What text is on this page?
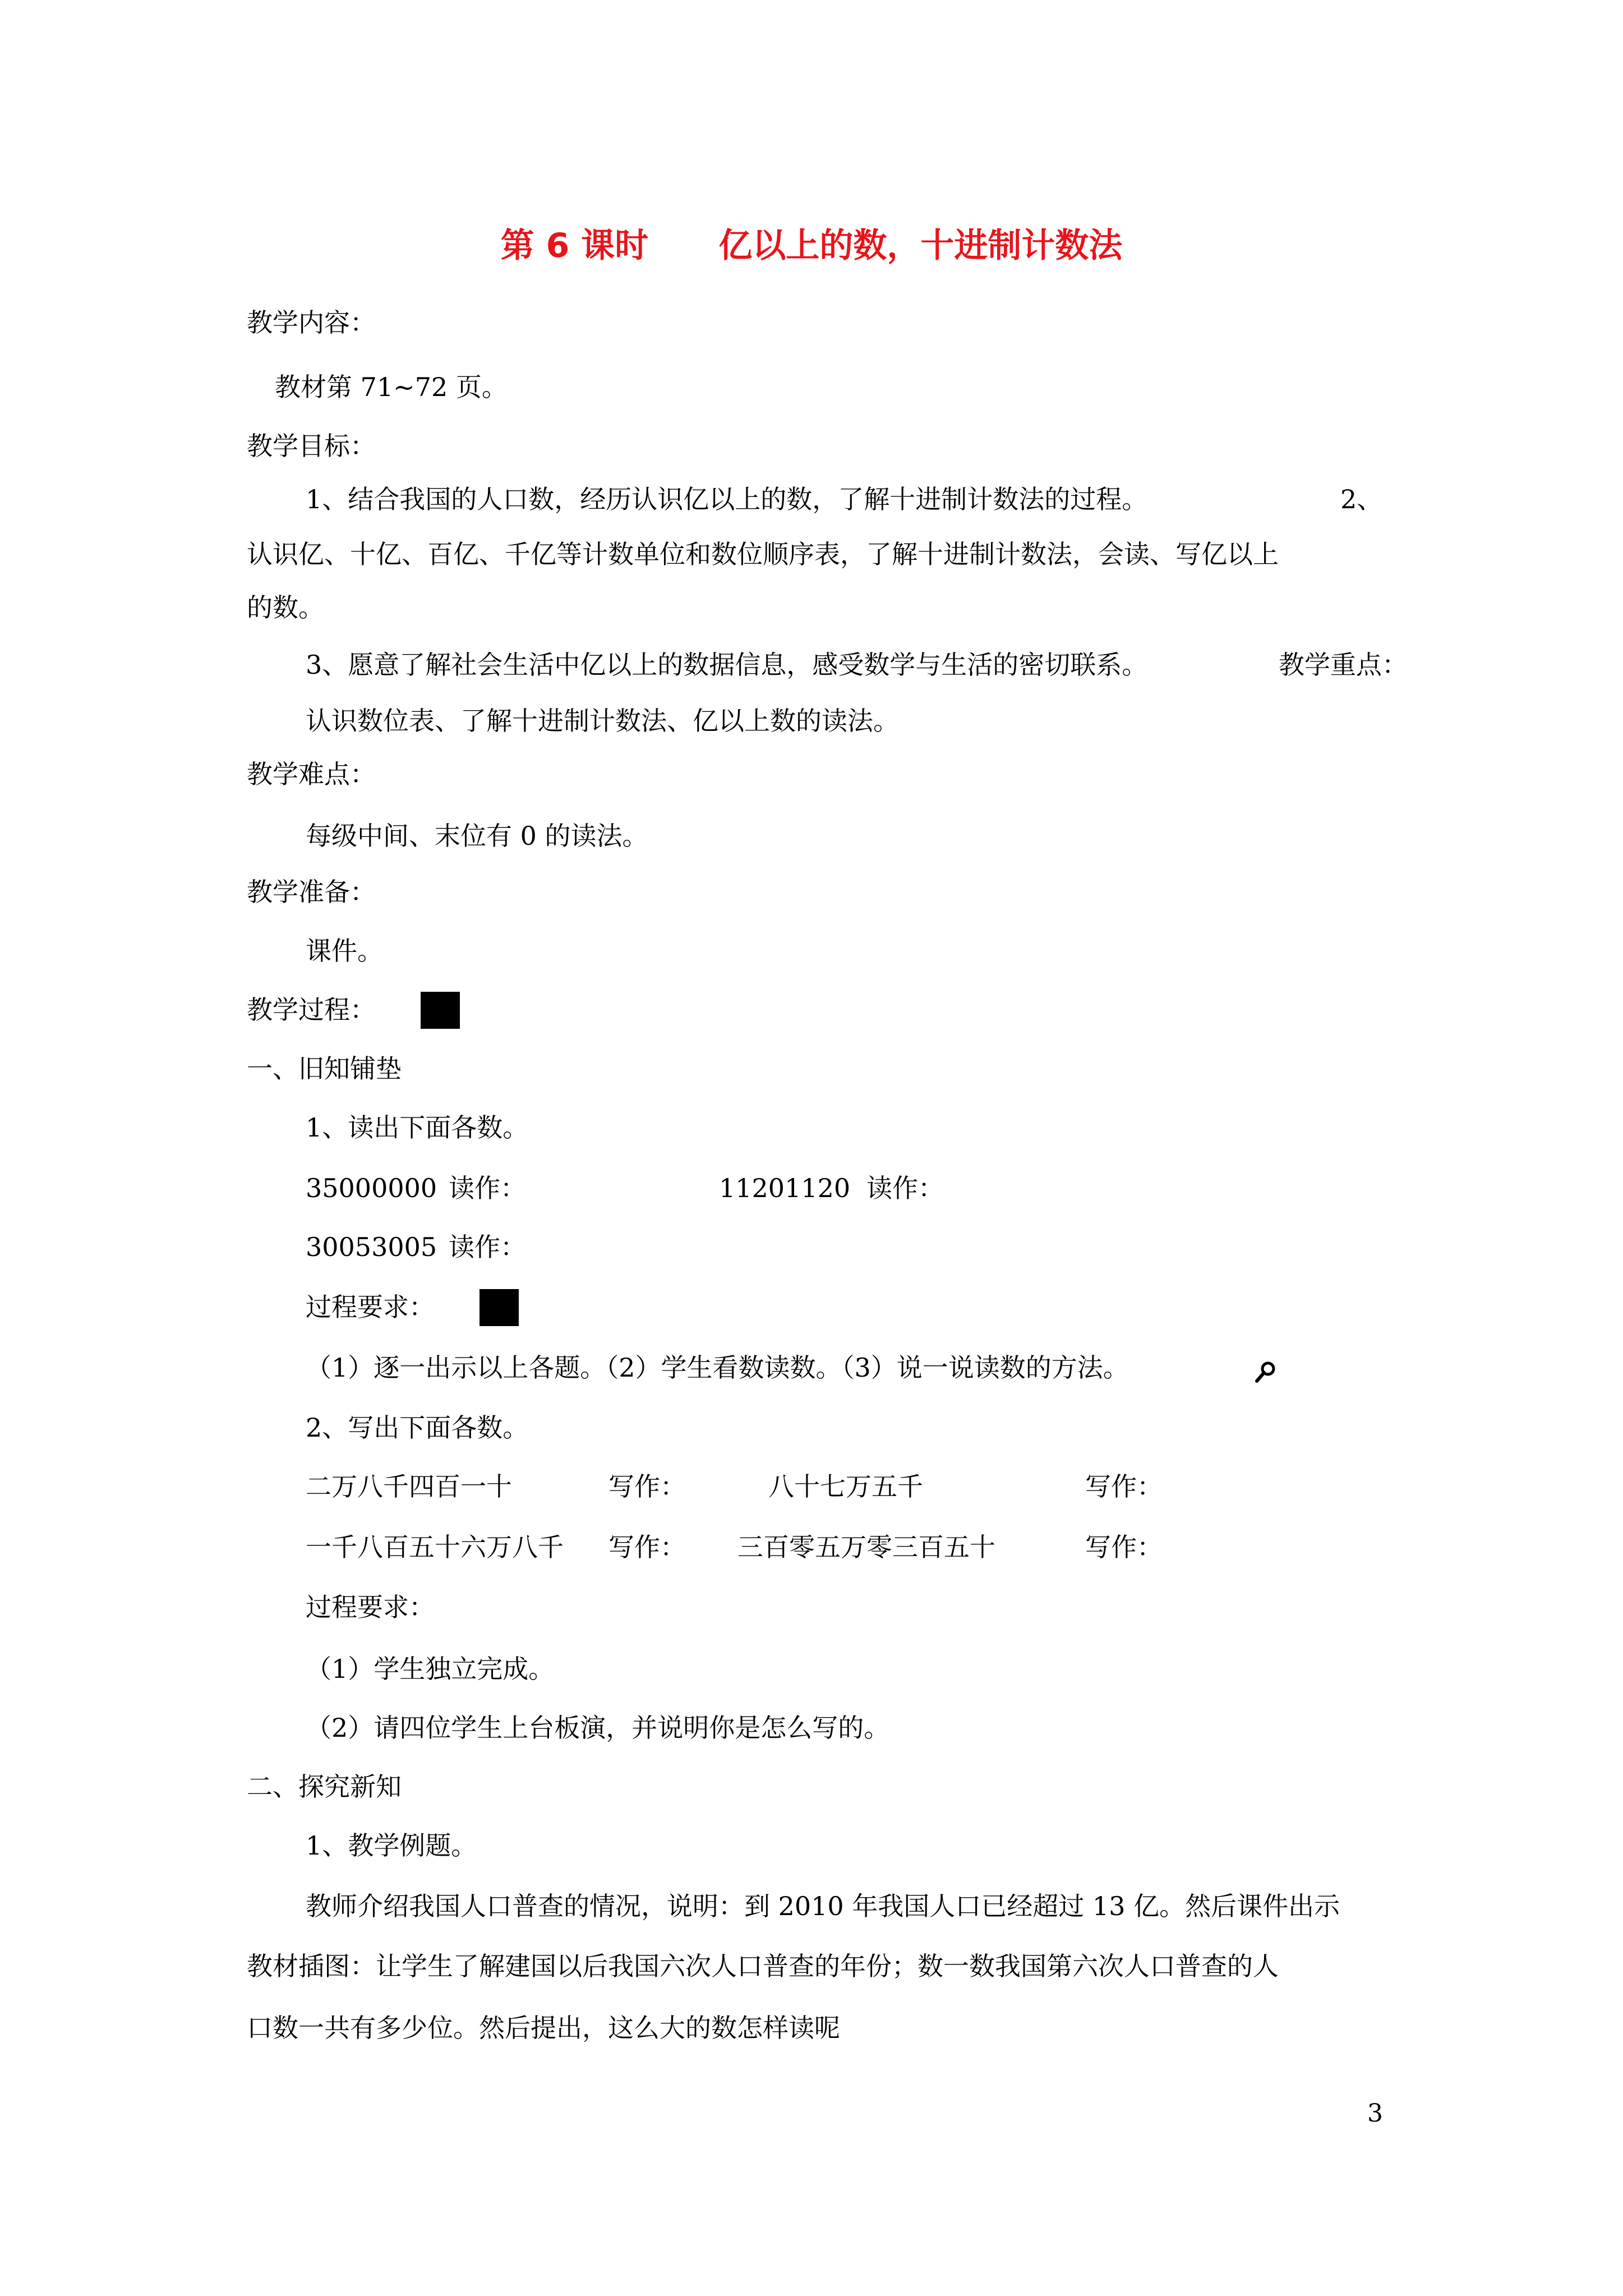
第 6 课时      亿以上的数，十进制计数法
教学内容：
教材第 71~72 页。
教学目标：
1、结合我国的人口数，经历认识亿以上的数，了解十进制计数法的过程。	2、
认识亿、十亿、百亿、千亿等计数单位和数位顺序表，了解十进制计数法，会读、写亿以上
的数。
3、愿意了解社会生活中亿以上的数据信息，感受数学与生活的密切联系。	教学重点：
认识数位表、了解十进制计数法、亿以上数的读法。
教学难点：
每级中间、末位有 0 的读法。
教学准备：
课件。
教学过程：
一、旧知铺垫
1、读出下面各数。
35000000 读作：	11201120 读作：
30053005 读作：
过程要求：
（1）逐一出示以上各题。（2）学生看数读数。（3）说一说读数的方法。
2、写出下面各数。
二万八千四百一十	写作：	八十七万五千	写作：
一千八百五十六万八千 写作： 三百零五万零三百五十	写作：
过程要求：
（1）学生独立完成。
（2）请四位学生上台板演，并说明你是怎么写的。
二、探究新知
1、教学例题。
教师介绍我国人口普查的情况，说明：到 2010 年我国人口已经超过 13 亿。然后课件出示
教材插图：让学生了解建国以后我国六次人口普查的年份；数一数我国第六次人口普查的人
口数一共有多少位。然后提出，这么大的数怎样读呢
3
